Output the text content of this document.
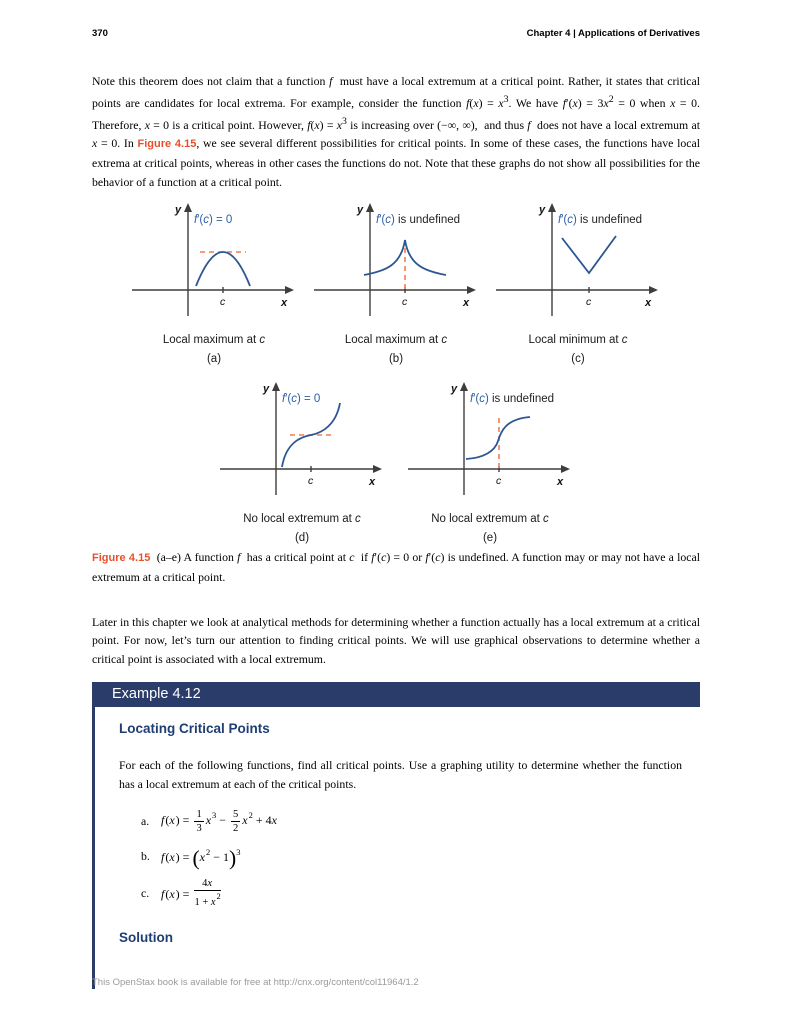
370	Chapter 4 | Applications of Derivatives

Note this theorem does not claim that a function f  must have a local extremum at a critical point. Rather, it states that critical points are candidates for local extrema. For example, consider the function $f(x) = x^3$. We have $f'(x) = 3x^2 = 0$ when x = 0. Therefore, x = 0 is a critical point. However, $f(x) = x^3$ is increasing over (−∞, ∞),  and thus f  does not have a local extremum at x = 0. In Figure 4.15, we see several different possibilities for critical points. In some of these cases, the functions have local extrema at critical points, whereas in other cases the functions do not. Note that these graphs do not show all possibilities for the behavior of a function at a critical point.

f′(c) = 0
y
x
c
Local maximum at c
(a)
f′(c) is undefined
y
x
c
Local maximum at c
(b)
f′(c) is undefined
y
x
c
Local minimum at c
(c)
f′(c) = 0
y
x
c
No local extremum at c
(d)
f′(c) is undefined
y
x
c
No local extremum at c
(e)

Figure 4.15 (a–e) A function f  has a critical point at c  if f′(c) = 0 or f′(c) is undefined. A function may or may not have a local extremum at a critical point.

Later in this chapter we look at analytical methods for determining whether a function actually has a local extremum at a critical point. For now, let’s turn our attention to finding critical points. We will use graphical observations to determine whether a critical point is associated with a local extremum.

Example 4.12
Locating Critical Points

For each of the following functions, find all critical points. Use a graphing utility to determine whether the function has a local extremum at each of the critical points.

a. $f(x) = \frac{1}{3} x^3 - \frac{5}{2} x^2 + 4x$
b. $f(x) = (x^2 - 1)^3$
c. $f(x) = \frac{4x}{1 + x^2}$
Solution
This OpenStax book is available for free at http://cnx.org/content/col11964/1.2
